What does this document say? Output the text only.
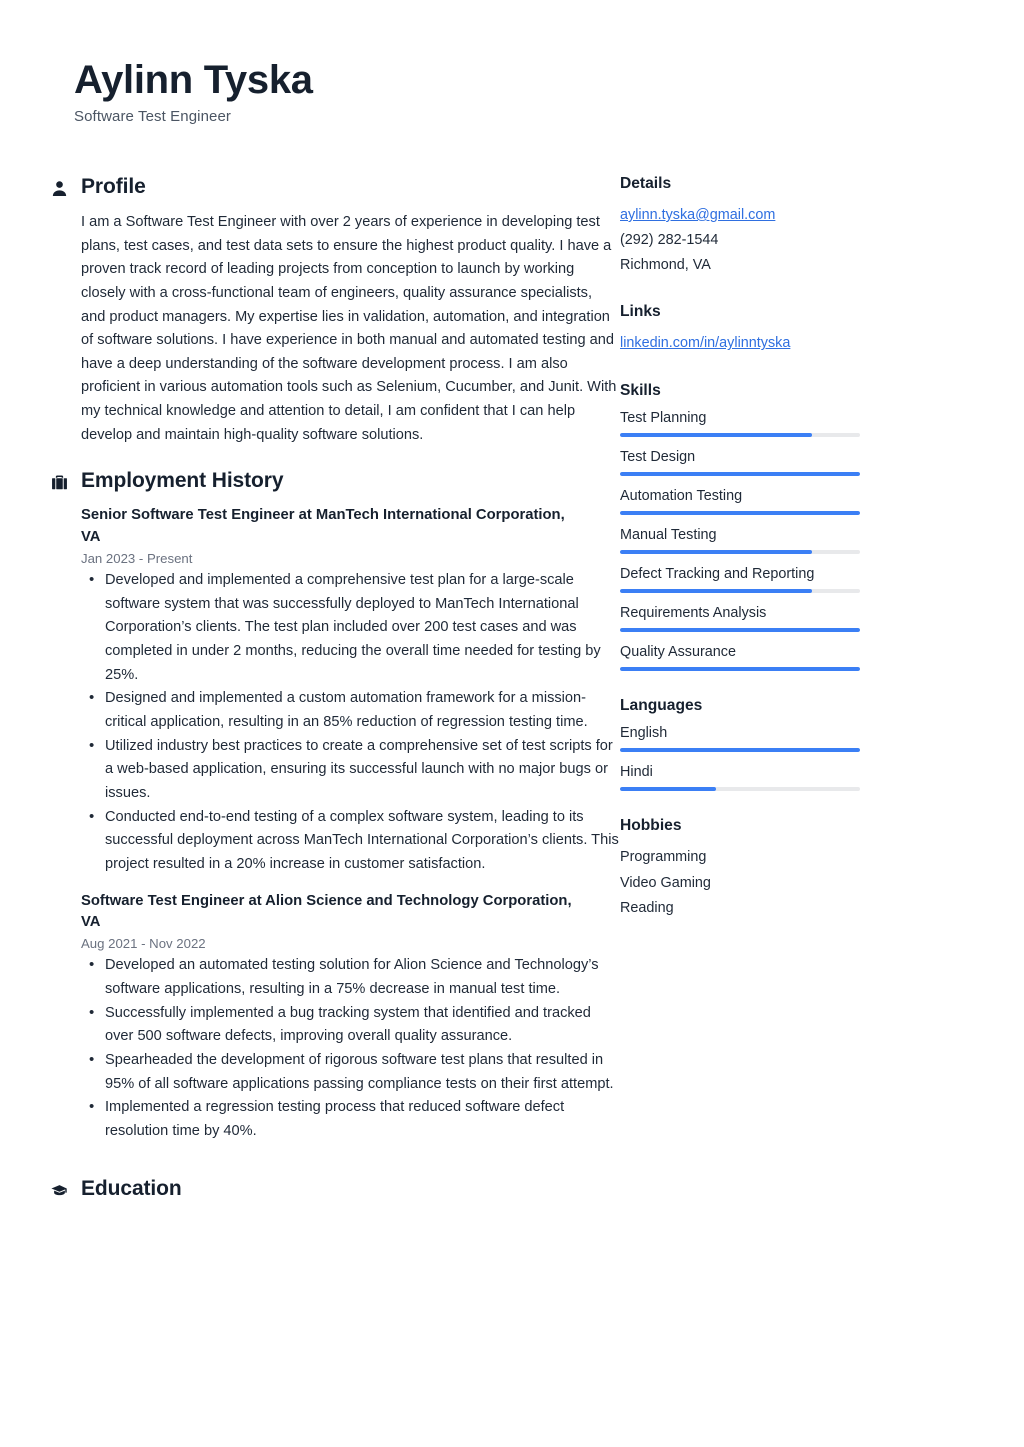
Aylinn Tyska
Software Test Engineer
Profile

I am a Software Test Engineer with over 2 years of experience in developing test plans, test cases, and test data sets to ensure the highest product quality. I have a proven track record of leading projects from conception to launch by working closely with a cross-functional team of engineers, quality assurance specialists, and product managers. My expertise lies in validation, automation, and integration of software solutions. I have experience in both manual and automated testing and have a deep understanding of the software development process. I am also proficient in various automation tools such as Selenium, Cucumber, and Junit. With my technical knowledge and attention to detail, I am confident that I can help develop and maintain high-quality software solutions.

Employment History
Senior Software Test Engineer at ManTech International Corporation, VA
Jan 2023 - Present
• Developed and implemented a comprehensive test plan for a large-scale software system that was successfully deployed to ManTech International Corporation’s clients. The test plan included over 200 test cases and was completed in under 2 months, reducing the overall time needed for testing by 25%.
• Designed and implemented a custom automation framework for a mission-critical application, resulting in an 85% reduction of regression testing time.
• Utilized industry best practices to create a comprehensive set of test scripts for a web-based application, ensuring its successful launch with no major bugs or issues.
• Conducted end-to-end testing of a complex software system, leading to its successful deployment across ManTech International Corporation’s clients. This project resulted in a 20% increase in customer satisfaction.
Software Test Engineer at Alion Science and Technology Corporation, VA
Aug 2021 - Nov 2022
• Developed an automated testing solution for Alion Science and Technology’s software applications, resulting in a 75% decrease in manual test time.
• Successfully implemented a bug tracking system that identified and tracked over 500 software defects, improving overall quality assurance.
• Spearheaded the development of rigorous software test plans that resulted in 95% of all software applications passing compliance tests on their first attempt.
• Implemented a regression testing process that reduced software defect resolution time by 40%.
Education
Details
aylinn.tyska@gmail.com
(292) 282-1544
Richmond, VA
Links
linkedin.com/in/aylinntyska
Skills
Test Planning
Test Design
Automation Testing
Manual Testing
Defect Tracking and Reporting
Requirements Analysis
Quality Assurance
Languages
English
Hindi
Hobbies
Programming
Video Gaming
Reading
